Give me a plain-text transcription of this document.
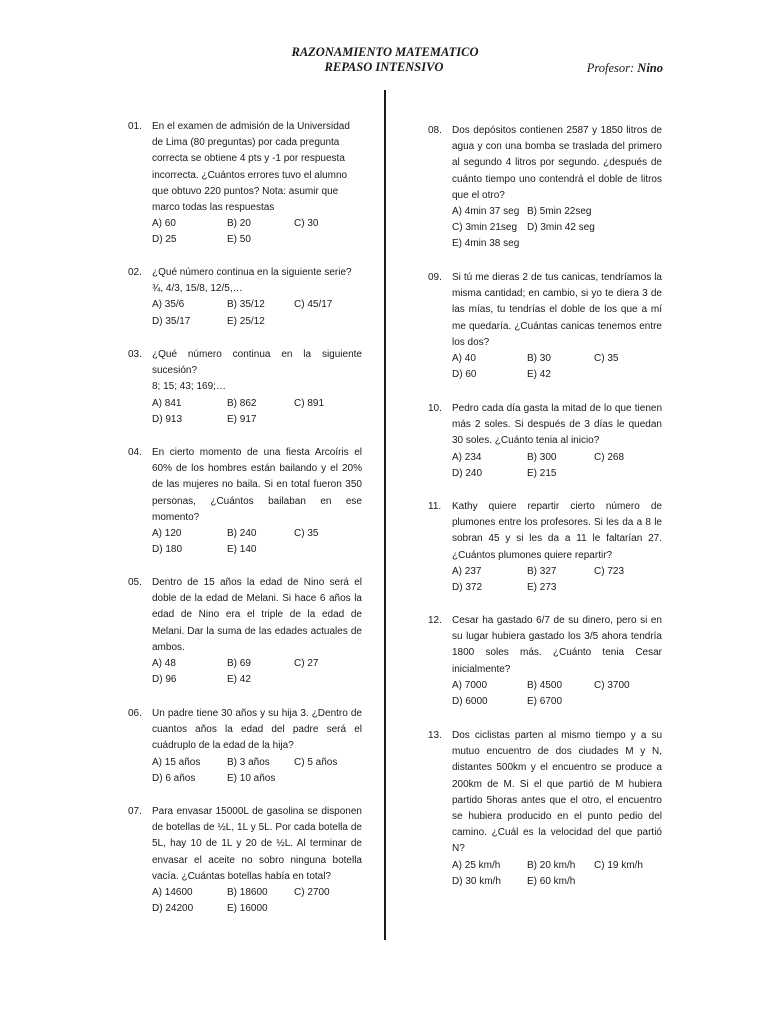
RAZONAMIENTO MATEMATICO
REPASO INTENSIVO	Profesor: Nino
01.	En el examen de admisión de la Universidad de Lima (80 preguntas) por cada pregunta correcta se obtiene 4 pts y -1 por respuesta incorrecta. ¿Cuántos errores tuvo el alumno que obtuvo 220 puntos? Nota: asumir que marco todas las respuestas
A) 60	B) 20	C) 30
D) 25	E) 50
02.	¿Qué número continua en la siguiente serie?
¾, 4/3, 15/8, 12/5,…
A) 35/6	B) 35/12	C) 45/17
D) 35/17	E) 25/12
03.	¿Qué número continua en la siguiente sucesión?
8; 15; 43; 169;…
A) 841	B) 862	C) 891
D) 913	E) 917
04.	En cierto momento de una fiesta Arcoíris el 60% de los hombres están bailando y el 20% de las mujeres no baila. Si en total fueron 350 personas, ¿Cuántos bailaban en ese momento?
A) 120	B) 240	C) 35
D) 180	E) 140
05.	Dentro de 15 años la edad de Nino será el doble de la edad de Melani. Si hace 6 años la edad de Nino era el triple de la edad de Melani. Dar la suma de las edades actuales de ambos.
A) 48	B) 69	C) 27
D) 96	E) 42
06.	Un padre tiene 30 años y su hija 3. ¿Dentro de cuantos años la edad del padre será el cuádruplo de la edad de la hija?
A) 15 años	B) 3 años	C) 5 años
D) 6 años	E) 10 años
07.	Para envasar 15000L de gasolina se disponen de botellas de ½L, 1L y 5L. Por cada botella de 5L, hay 10 de 1L y 20 de ½L. Al terminar de envasar el aceite no sobro ninguna botella vacía. ¿Cuántas botellas había en total?
A) 14600	B) 18600	C) 2700
D) 24200	E) 16000
08.	Dos depósitos contienen 2587 y 1850 litros de agua y con una bomba se traslada del primero al segundo 4 litros por segundo. ¿después de cuánto tiempo uno contendrá el doble de litros que el otro?
A) 4min 37 seg B) 5min 22seg
C) 3min 21seg D) 3min 42 seg
E) 4min 38 seg
09.	Si tú me dieras 2 de tus canicas, tendríamos la misma cantidad; en cambio, si yo te diera 3 de las mías, tu tendrías el doble de los que a mí me quedaría. ¿Cuántas canicas tenemos entre los dos?
A) 40	B) 30	C) 35
D) 60	E) 42
10.	Pedro cada día gasta la mitad de lo que tienen más 2 soles. Si después de 3 días le quedan 30 soles. ¿Cuánto tenia al inicio?
A) 234	B) 300	C) 268
D) 240	E) 215
11.	Kathy quiere repartir cierto número de plumones entre los profesores. Si les da a 8 le sobran 45 y si les da a 11 le faltarían 27. ¿Cuántos plumones quiere repartir?
A) 237	B) 327	C) 723
D) 372	E) 273
12.	Cesar ha gastado 6/7 de su dinero, pero si en su lugar hubiera gastado los 3/5 ahora tendría 1800 soles más. ¿Cuánto tenia Cesar inicialmente?
A) 7000	B) 4500	C) 3700
D) 6000	E) 6700
13.	Dos ciclistas parten al mismo tiempo y a su mutuo encuentro de dos ciudades M y N, distantes 500km y el encuentro se produce a 200km de M. Si el que partió de M hubiera partido 5horas antes que el otro, el encuentro se hubiera producido en el punto pedio del camino. ¿Cuál es la velocidad del que partió N?
A) 25 km/h	B) 20 km/h	C) 19 km/h
D) 30 km/h	E) 60 km/h
